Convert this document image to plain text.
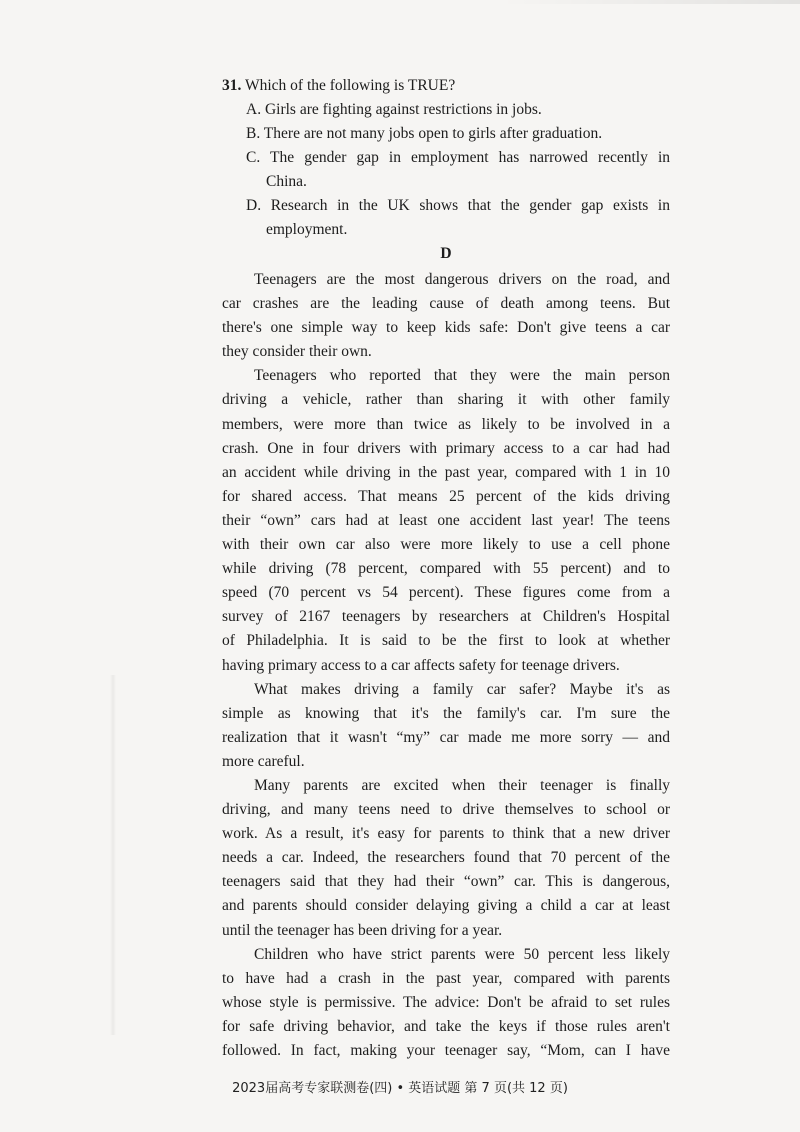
31. Which of the following is TRUE?
A. Girls are fighting against restrictions in jobs.
B. There are not many jobs open to girls after graduation.
C. The gender gap in employment has narrowed recently in
China.
D. Research in the UK shows that the gender gap exists in
employment.
D
Teenagers are the most dangerous drivers on the road, and
car crashes are the leading cause of death among teens. But
there's one simple way to keep kids safe: Don't give teens a car
they consider their own.
Teenagers who reported that they were the main person
driving a vehicle, rather than sharing it with other family
members, were more than twice as likely to be involved in a
crash. One in four drivers with primary access to a car had had
an accident while driving in the past year, compared with 1 in 10
for shared access. That means 25 percent of the kids driving
their “own” cars had at least one accident last year! The teens
with their own car also were more likely to use a cell phone
while driving (78 percent, compared with 55 percent) and to
speed (70 percent vs 54 percent). These figures come from a
survey of 2167 teenagers by researchers at Children's Hospital
of Philadelphia. It is said to be the first to look at whether
having primary access to a car affects safety for teenage drivers.
What makes driving a family car safer? Maybe it's as
simple as knowing that it's the family's car. I'm sure the
realization that it wasn't “my” car made me more sorry — and
more careful.
Many parents are excited when their teenager is finally
driving, and many teens need to drive themselves to school or
work. As a result, it's easy for parents to think that a new driver
needs a car. Indeed, the researchers found that 70 percent of the
teenagers said that they had their “own” car. This is dangerous,
and parents should consider delaying giving a child a car at least
until the teenager has been driving for a year.
Children who have strict parents were 50 percent less likely
to have had a crash in the past year, compared with parents
whose style is permissive. The advice: Don't be afraid to set rules
for safe driving behavior, and take the keys if those rules aren't
followed. In fact, making your teenager say, “Mom, can I have
2023届高考专家联测卷(四) • 英语试题 第 7 页(共 12 页)
